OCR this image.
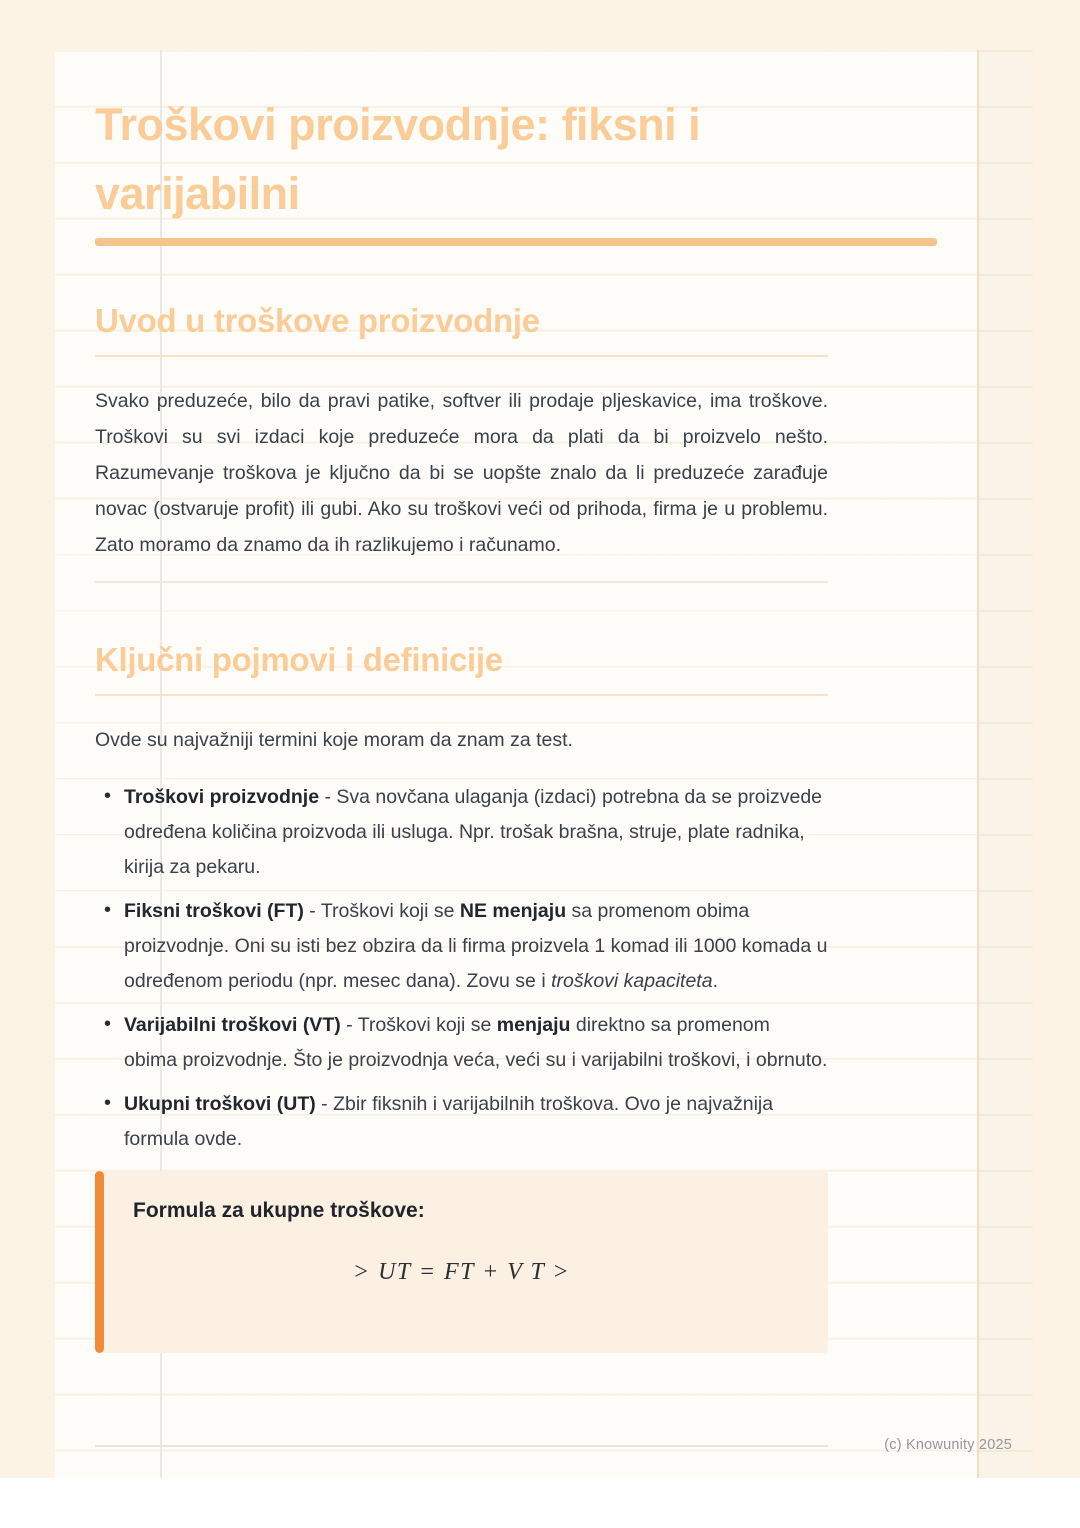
Troškovi proizvodnje: fiksni i
varijabilni
Uvod u troškove proizvodnje

Svako preduzeće, bilo da pravi patike, softver ili prodaje pljeskavice, ima troškove. Troškovi su svi izdaci koje preduzeće mora da plati da bi proizvelo nešto. Razumevanje troškova je ključno da bi se uopšte znalo da li preduzeće zarađuje novac (ostvaruje profit) ili gubi. Ako su troškovi veći od prihoda, firma je u problemu. Zato moramo da znamo da ih razlikujemo i računamo.

Ključni pojmovi i definicije

Ovde su najvažniji termini koje moram da znam za test.

• Troškovi proizvodnje - Sva novčana ulaganja (izdaci) potrebna da se proizvede određena količina proizvoda ili usluga. Npr. trošak brašna, struje, plate radnika, kirija za pekaru.
• Fiksni troškovi (FT) - Troškovi koji se NE menjaju sa promenom obima proizvodnje. Oni su isti bez obzira da li firma proizvela 1 komad ili 1000 komada u određenom periodu (npr. mesec dana). Zovu se i troškovi kapaciteta.
• Varijabilni troškovi (VT) - Troškovi koji se menjaju direktno sa promenom obima proizvodnje. Što je proizvodnja veća, veći su i varijabilni troškovi, i obrnuto.
• Ukupni troškovi (UT) - Zbir fiksnih i varijabilnih troškova. Ovo je najvažnija formula ovde.
Formula za ukupne troškove:
> UT = FT + V T >
(c) Knowunity 2025
